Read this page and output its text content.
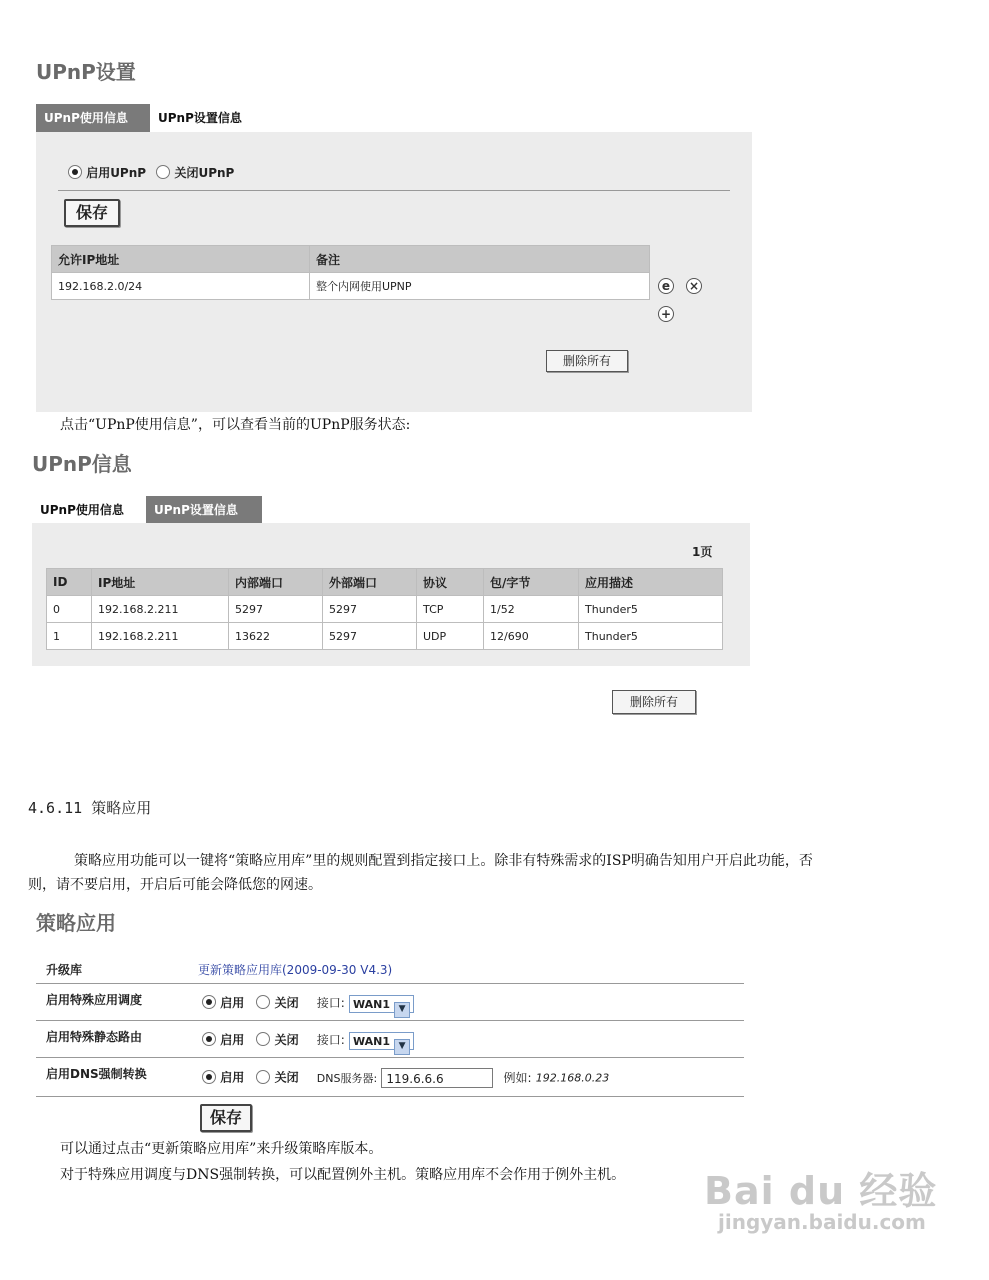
UPnP设置
UPnP使用信息	UPnP设置信息
启用UPnP 关闭UPnP
保存
允许IP地址	备注
192.168.2.0/24	整个内网使用UPNP	e	×
+
删除所有
点击“UPnP使用信息”，可以查看当前的UPnP服务状态:
UPnP信息
UPnP使用信息	UPnP设置信息
1页
ID	IP地址	内部端口	外部端口	协议	包/字节	应用描述
0	192.168.2.211	5297	5297	TCP	1/52	Thunder5
1	192.168.2.211	13622	5297	UDP	12/690	Thunder5
删除所有
4.6.11 策略应用
策略应用功能可以一键将“策略应用库”里的规则配置到指定接口上。除非有特殊需求的ISP明确告知用户开启此功能，否
则，请不要启用，开启后可能会降低您的网速。
策略应用
升级库	更新策略应用库(2009-09-30 V4.3)
启用特殊应用调度	启用	关闭 接口: WAN1 ▼
启用特殊静态路由	启用	关闭 接口: WAN1 ▼
启用DNS强制转换	启用	关闭 DNS服务器: 119.6.6.6	例如: 192.168.0.23
保存
可以通过点击“更新策略应用库”来升级策略库版本。
对于特殊应用调度与DNS强制转换，可以配置例外主机。策略应用库不会作用于例外主机。 Bai du 经验
jingyan.baidu.com
